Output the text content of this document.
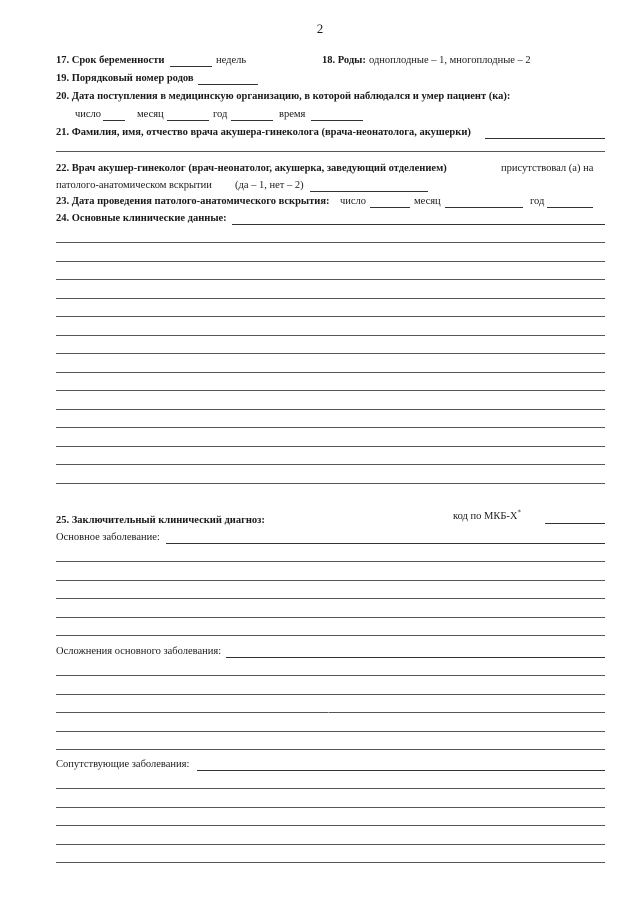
2
17. Срок беременности	недель	18. Роды: одноплодные – 1, многоплодные – 2
19. Порядковый номер родов
20. Дата поступления в медицинскую организацию, в которой наблюдался и умер пациент (ка):
число	месяц	год	время
21. Фамилия, имя, отчество врача акушера-гинеколога (врача-неонатолога, акушерки)
22. Врач акушер-гинеколог (врач-неонатолог, акушерка, заведующий отделением)	присутствовал (а) на
патолого-анатомическом вскрытии (да – 1, нет – 2)
23. Дата проведения патолого-анатомического вскрытия: число	месяц	год
24. Основные клинические данные:
25. Заключительный клинический диагноз:	код по МКБ-Х*
Основное заболевание:
Осложнения основного заболевания:
Сопутствующие заболевания:
